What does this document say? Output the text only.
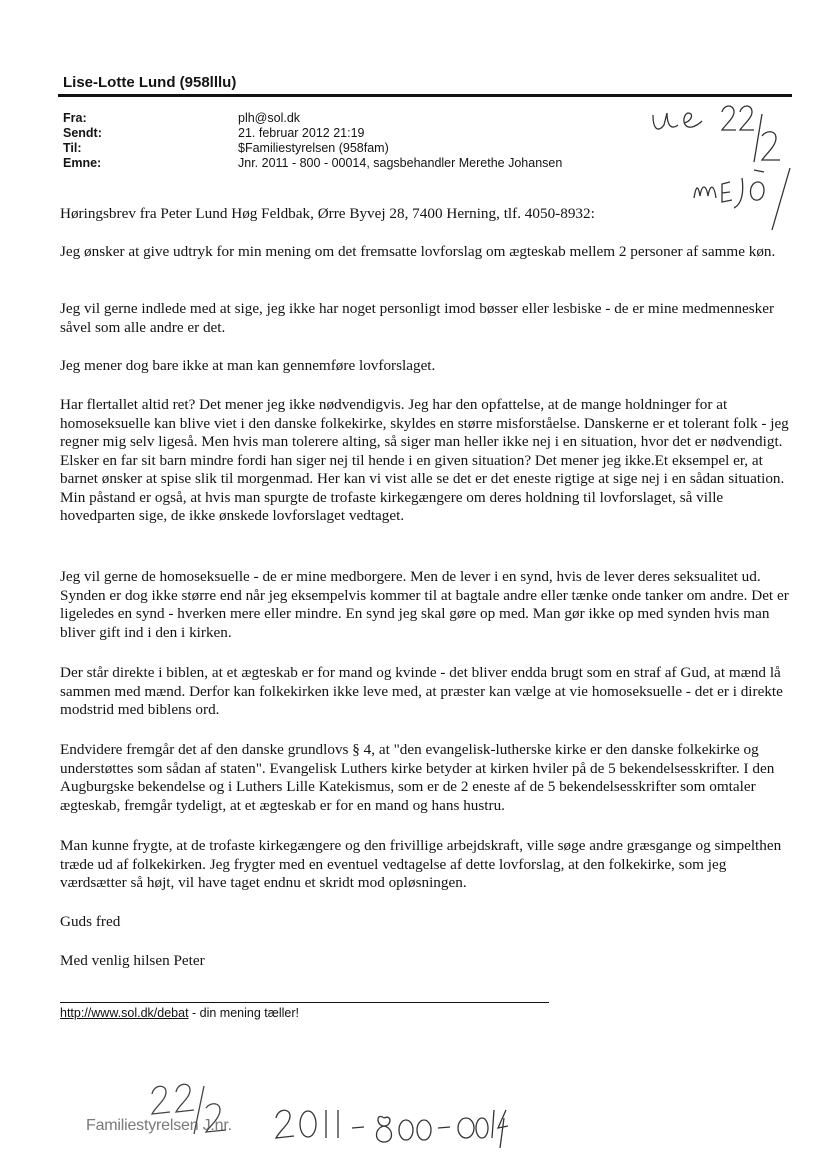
Lise-Lotte Lund (958lllu)
Fra:
Sendt:
Til:
Emne:
plh@sol.dk
21. februar 2012 21:19
$Familiestyrelsen (958fam)
Jnr. 2011 - 800 - 00014, sagsbehandler Merethe Johansen
ue
Høringsbrev fra Peter Lund Høg Feldbak, Ørre Byvej 28, 7400 Herning, tlf. 4050-8932:
Jeg ønsker at give udtryk for min mening om det fremsatte lovforslag om ægteskab mellem 2 personer af samme køn.
Jeg vil gerne indlede med at sige, jeg ikke har noget personligt imod bøsser eller lesbiske - de er mine medmennesker såvel som alle andre er det.
Jeg mener dog bare ikke at man kan gennemføre lovforslaget.
Har flertallet altid ret? Det mener jeg ikke nødvendigvis. Jeg har den opfattelse, at de mange holdninger for at homoseksuelle kan blive viet i den danske folkekirke, skyldes en større misforståelse. Danskerne er et tolerant folk - jeg regner mig selv ligeså. Men hvis man tolerere alting, så siger man heller ikke nej i en situation, hvor det er nødvendigt. Elsker en far sit barn mindre fordi han siger nej til hende i en given situation? Det mener jeg ikke.Et eksempel er, at barnet ønsker at spise slik til morgenmad. Her kan vi vist alle se det er det eneste rigtige at sige nej i en sådan situation. Min påstand er også, at hvis man spurgte de trofaste kirkegængere om deres holdning til lovforslaget, så ville hovedparten sige, de ikke ønskede lovforslaget vedtaget.
Jeg vil gerne de homoseksuelle - de er mine medborgere. Men de lever i en synd, hvis de lever deres seksualitet ud. Synden er dog ikke større end når jeg eksempelvis kommer til at bagtale andre eller tænke onde tanker om andre. Det er ligeledes en synd - hverken mere eller mindre. En synd jeg skal gøre op med. Man gør ikke op med synden hvis man bliver gift ind i den i kirken.
Der står direkte i biblen, at et ægteskab er for mand og kvinde - det bliver endda brugt som en straf af Gud, at mænd lå sammen med mænd. Derfor kan folkekirken ikke leve med, at præster kan vælge at vie homoseksuelle - det er i direkte modstrid med biblens ord.
Endvidere fremgår det af den danske grundlovs § 4, at "den evangelisk-lutherske kirke er den danske folkekirke og understøttes som sådan af staten". Evangelisk Luthers kirke betyder at kirken hviler på de 5 bekendelsesskrifter. I den Augburgske bekendelse og i Luthers Lille Katekismus, som er de 2 eneste af de 5 bekendelsesskrifter som omtaler ægteskab, fremgår tydeligt, at et ægteskab er for en mand og hans hustru.
Man kunne frygte, at de trofaste kirkegængere og den frivillige arbejdskraft, ville søge andre græsgange og simpelthen træde ud af folkekirken. Jeg frygter med en eventuel vedtagelse af dette lovforslag, at den folkekirke, som jeg værdsætter så højt, vil have taget endnu et skridt mod opløsningen.
Guds fred
Med venlig hilsen Peter
http://www.sol.dk/debat - din mening tæller!
Familiestyrelsen J.nr.
